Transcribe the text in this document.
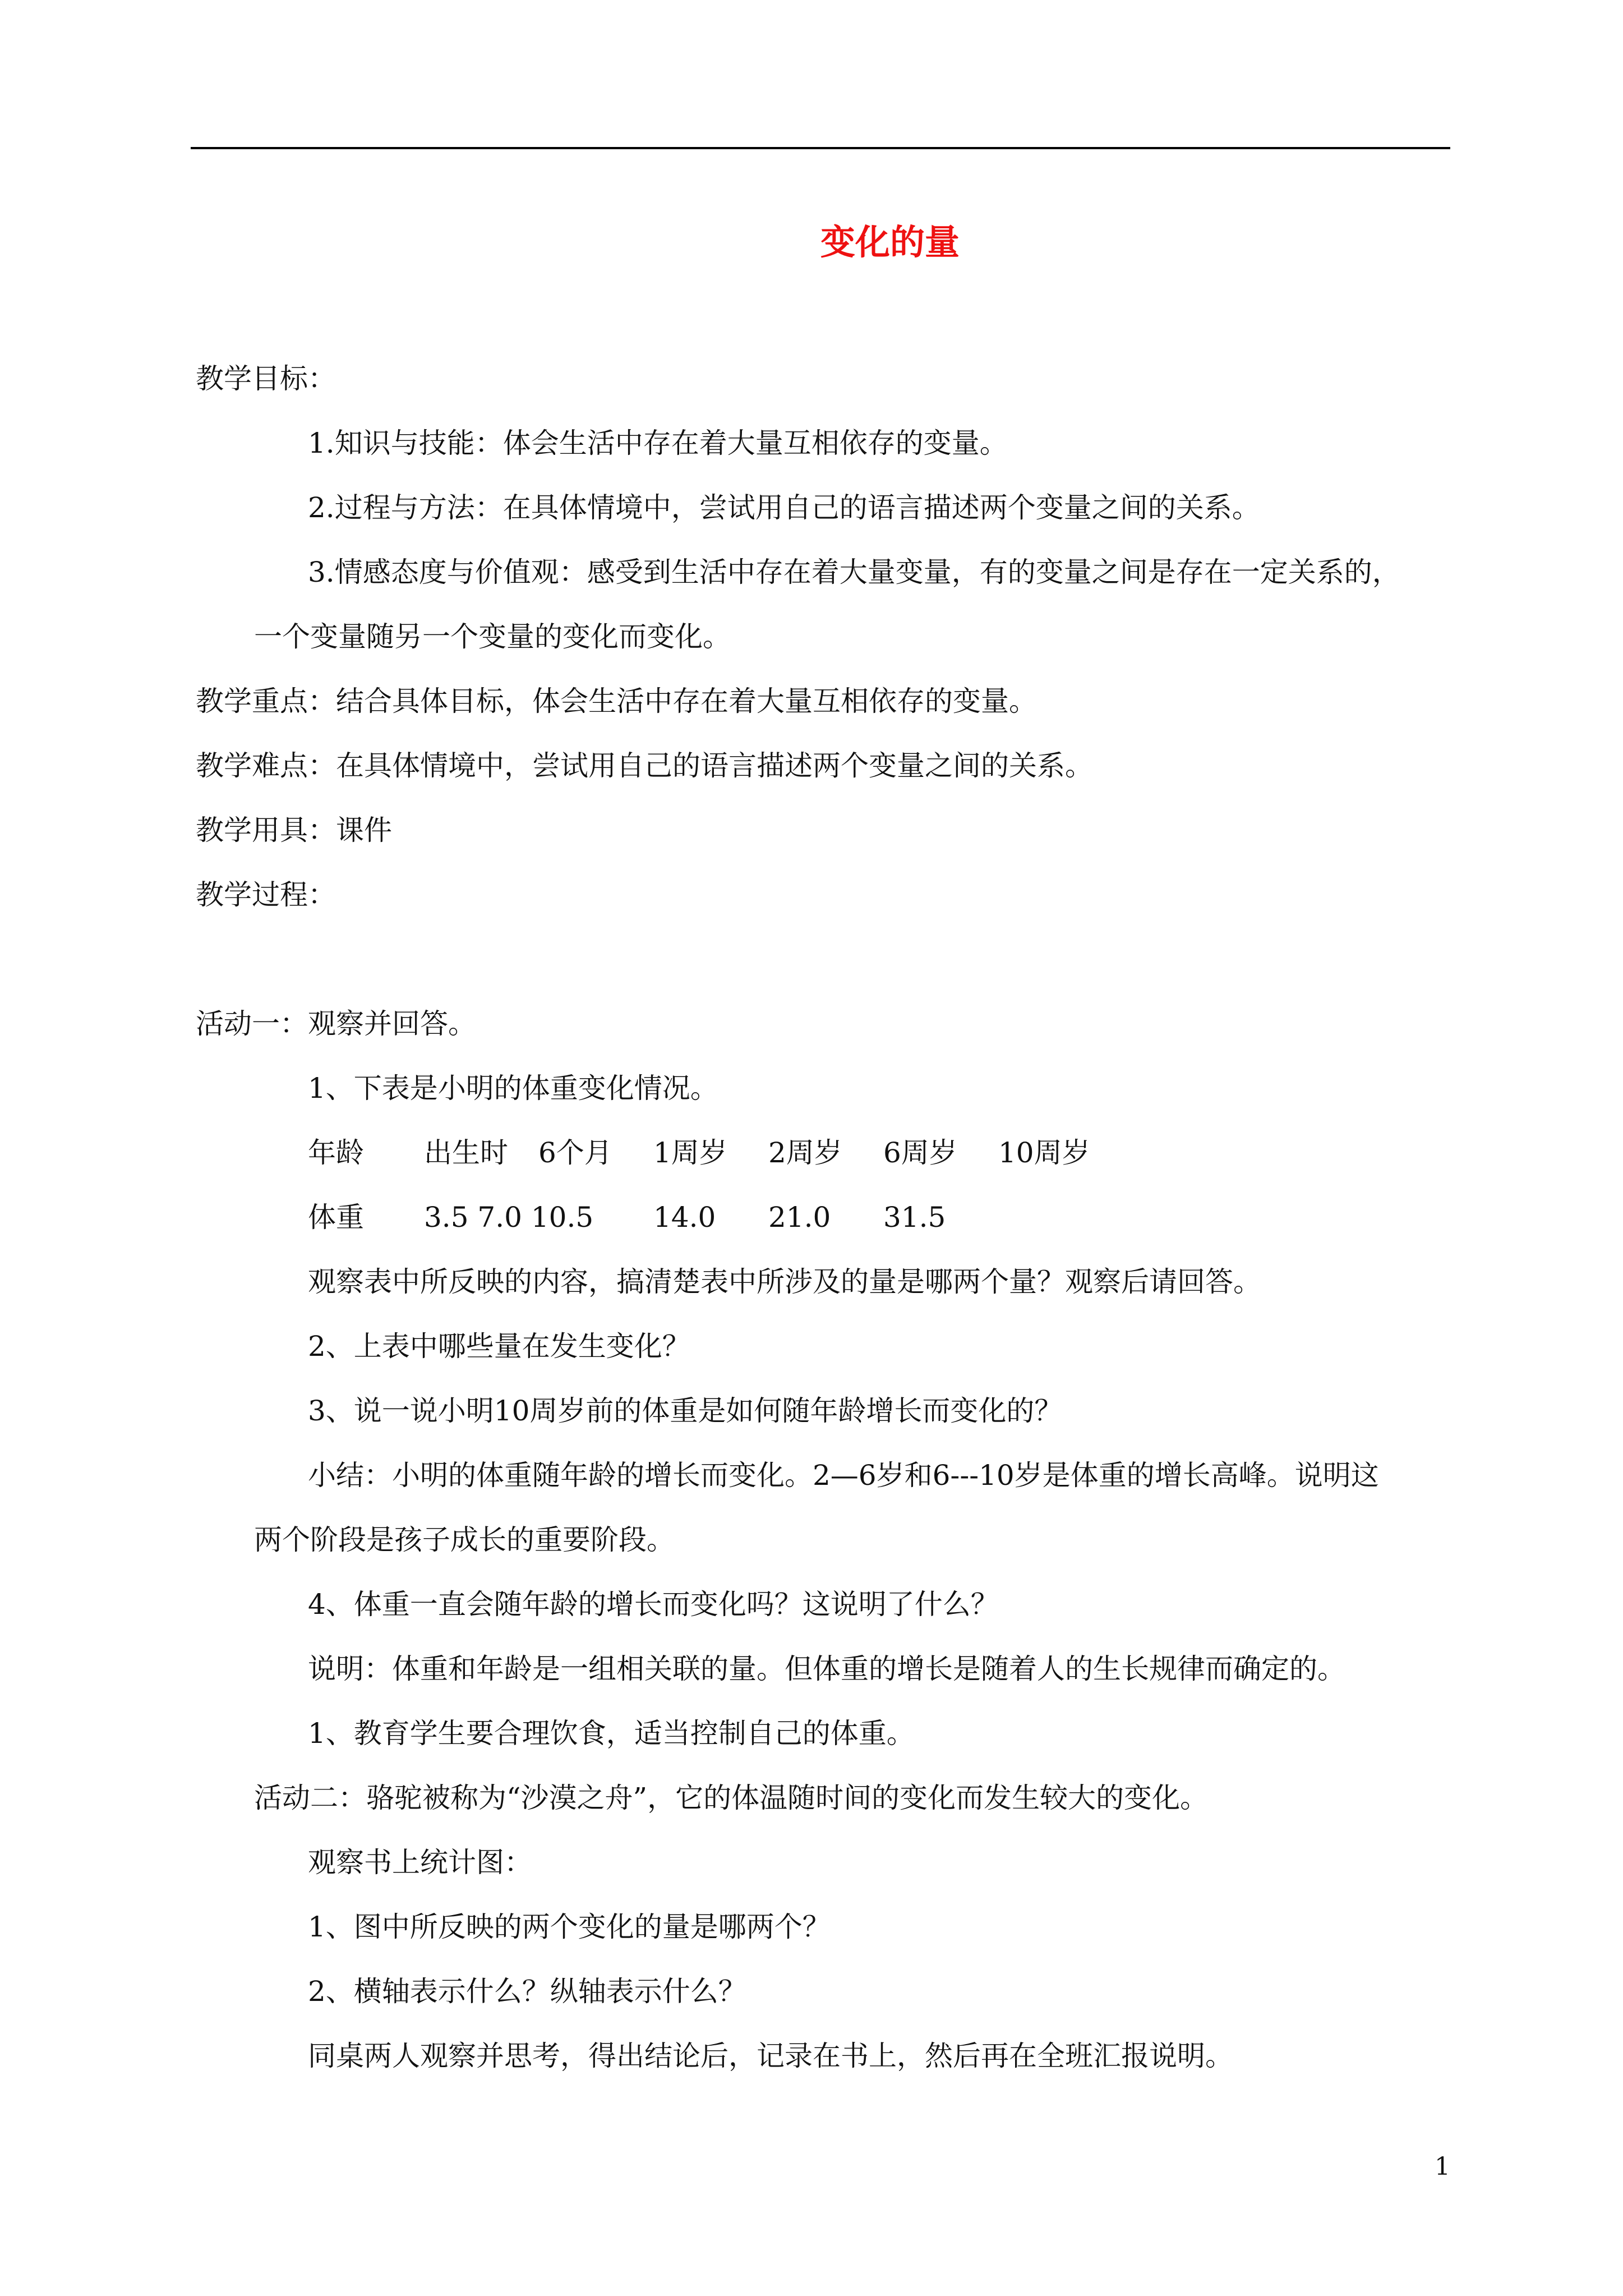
变化的量
教学目标：
1.知识与技能：体会生活中存在着大量互相依存的变量。
2.过程与方法：在具体情境中，尝试用自己的语言描述两个变量之间的关系。
3.情感态度与价值观：感受到生活中存在着大量变量，有的变量之间是存在一定关系的，
一个变量随另一个变量的变化而变化。
教学重点：结合具体目标，体会生活中存在着大量互相依存的变量。
教学难点：在具体情境中，尝试用自己的语言描述两个变量之间的关系。
教学用具：课件
教学过程：
活动一：观察并回答。
1、下表是小明的体重变化情况。
年龄 出生时 6个月 1周岁 2周岁 6周岁 10周岁
体重 3.5 7.0 10.5 14.0 21.0 31.5
观察表中所反映的内容，搞清楚表中所涉及的量是哪两个量？观察后请回答。
2、上表中哪些量在发生变化？
3、说一说小明10周岁前的体重是如何随年龄增长而变化的？
小结：小明的体重随年龄的增长而变化。2—6岁和6---10岁是体重的增长高峰。说明这
两个阶段是孩子成长的重要阶段。
4、体重一直会随年龄的增长而变化吗？这说明了什么？
说明：体重和年龄是一组相关联的量。但体重的增长是随着人的生长规律而确定的。
1、教育学生要合理饮食，适当控制自己的体重。
活动二：骆驼被称为“沙漠之舟”，它的体温随时间的变化而发生较大的变化。
观察书上统计图：
1、图中所反映的两个变化的量是哪两个？
2、横轴表示什么？纵轴表示什么？
同桌两人观察并思考，得出结论后，记录在书上，然后再在全班汇报说明。
1
